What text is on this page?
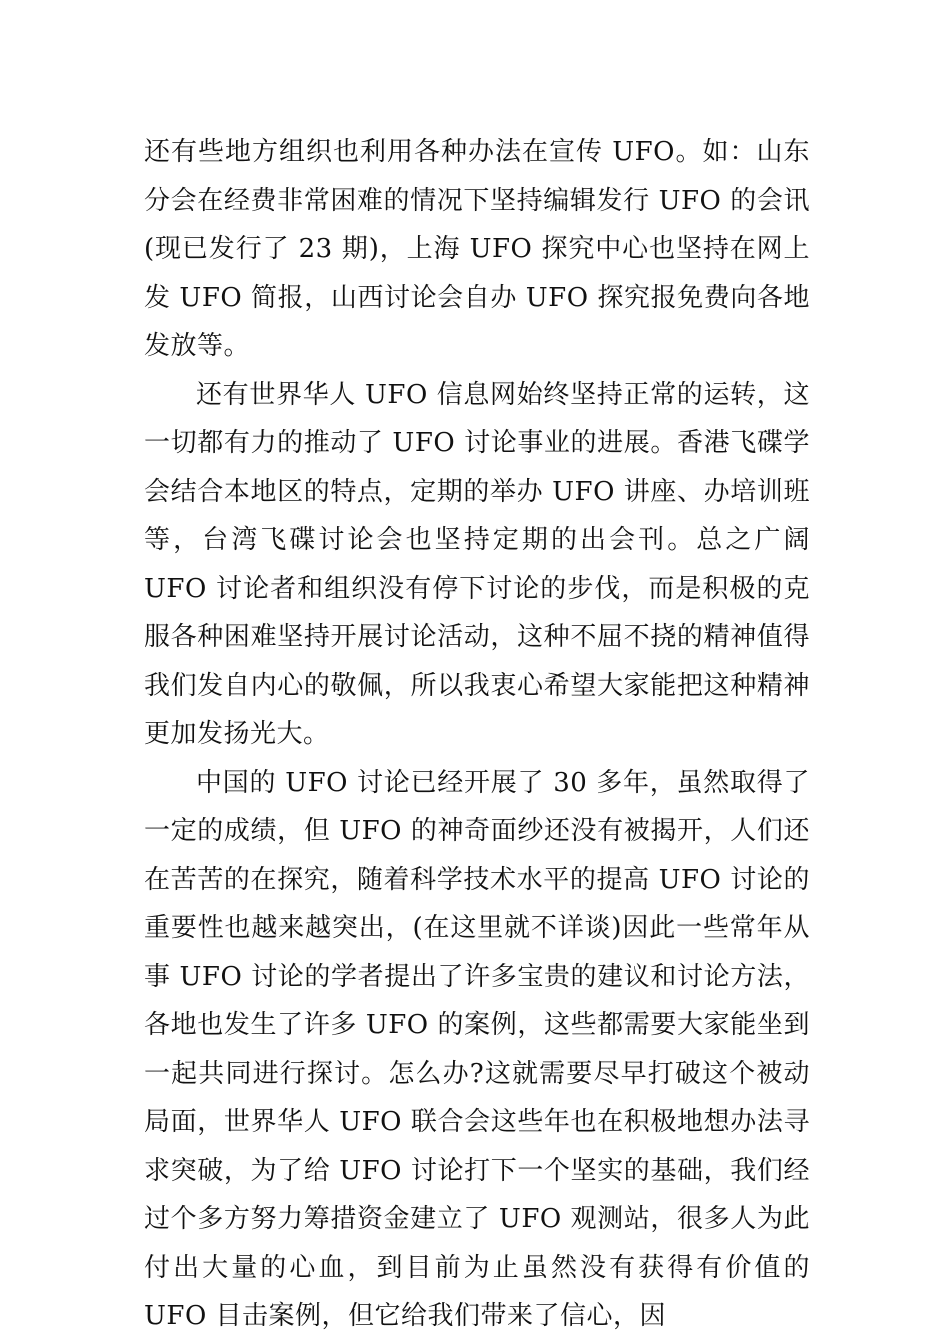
还有些地方组织也利用各种办法在宣传 UFO。如：山东分会在经费非常困难的情况下坚持编辑发行 UFO 的会讯(现已发行了 23 期)，上海 UFO 探究中心也坚持在网上发 UFO 简报，山西讨论会自办 UFO 探究报免费向各地发放等。

还有世界华人 UFO 信息网始终坚持正常的运转，这一切都有力的推动了 UFO 讨论事业的进展。香港飞碟学会结合本地区的特点，定期的举办 UFO 讲座、办培训班等，台湾飞碟讨论会也坚持定期的出会刊。总之广阔 UFO 讨论者和组织没有停下讨论的步伐，而是积极的克服各种困难坚持开展讨论活动，这种不屈不挠的精神值得我们发自内心的敬佩，所以我衷心希望大家能把这种精神更加发扬光大。

中国的 UFO 讨论已经开展了 30 多年，虽然取得了一定的成绩，但 UFO 的神奇面纱还没有被揭开，人们还在苦苦的在探究，随着科学技术水平的提高 UFO 讨论的重要性也越来越突出，(在这里就不详谈)因此一些常年从事 UFO 讨论的学者提出了许多宝贵的建议和讨论方法，各地也发生了许多 UFO 的案例，这些都需要大家能坐到一起共同进行探讨。怎么办?这就需要尽早打破这个被动局面，世界华人 UFO 联合会这些年也在积极地想办法寻求突破，为了给 UFO 讨论打下一个坚实的基础，我们经过个多方努力筹措资金建立了 UFO 观测站，很多人为此付出大量的心血，到目前为止虽然没有获得有价值的 UFO 目击案例，但它给我们带来了信心，因
